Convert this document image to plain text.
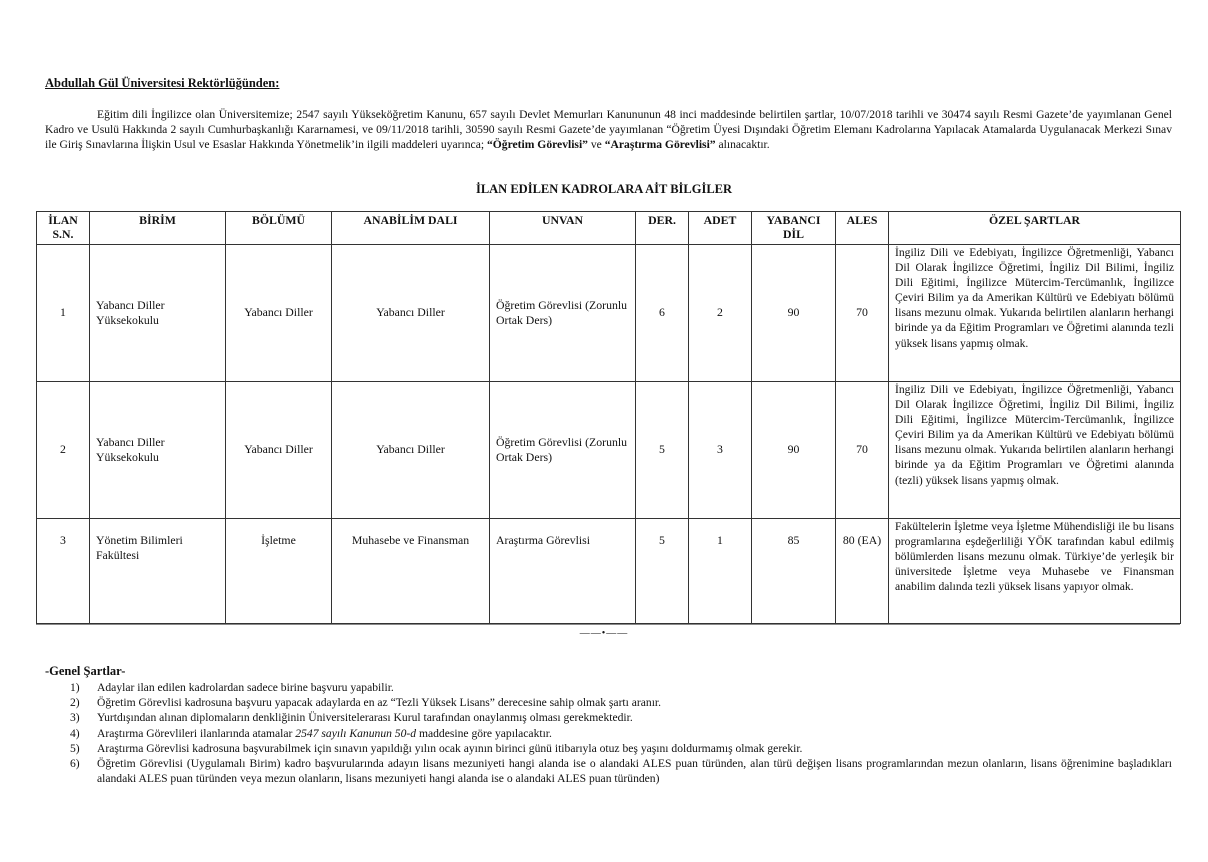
Abdullah Gül Üniversitesi Rektörlüğünden:

Eğitim dili İngilizce olan Üniversitemize; 2547 sayılı Yükseköğretim Kanunu, 657 sayılı Devlet Memurları Kanununun 48 inci maddesinde belirtilen şartlar, 10/07/2018 tarihli ve 30474 sayılı Resmi Gazete’de yayımlanan Genel Kadro ve Usulü Hakkında 2 sayılı Cumhurbaşkanlığı Kararnamesi, ve 09/11/2018 tarihli, 30590 sayılı Resmi Gazete’de yayımlanan “Öğretim Üyesi Dışındaki Öğretim Elemanı Kadrolarına Yapılacak Atamalarda Uygulanacak Merkezi Sınav ile Giriş Sınavlarına İlişkin Usul ve Esaslar Hakkında Yönetmelik’in ilgili maddeleri uyarınca; “Öğretim Görevlisi” ve “Araştırma Görevlisi” alınacaktır.

İLAN EDİLEN KADROLARA AİT BİLGİLER
İLAN S.N.	BİRİM	BÖLÜMÜ	ANABİLİM DALI	UNVAN	DER.	ADET	YABANCI DİL	ALES	ÖZEL ŞARTLAR
1	Yabancı Diller Yüksekokulu	Yabancı Diller	Yabancı Diller	Öğretim Görevlisi (Zorunlu Ortak Ders)	6	2	90	70	İngiliz Dili ve Edebiyatı, İngilizce Öğretmenliği, Yabancı Dil Olarak İngilizce Öğretimi, İngiliz Dil Bilimi, İngiliz Dili Eğitimi, İngilizce Mütercim-Tercümanlık, İngilizce Çeviri Bilim ya da Amerikan Kültürü ve Edebiyatı bölümü lisans mezunu olmak. Yukarıda belirtilen alanların herhangi birinde ya da Eğitim Programları ve Öğretimi alanında tezli yüksek lisans yapmış olmak.
2	Yabancı Diller Yüksekokulu	Yabancı Diller	Yabancı Diller	Öğretim Görevlisi (Zorunlu Ortak Ders)	5	3	90	70	İngiliz Dili ve Edebiyatı, İngilizce Öğretmenliği, Yabancı Dil Olarak İngilizce Öğretimi, İngiliz Dil Bilimi, İngiliz Dili Eğitimi, İngilizce Mütercim-Tercümanlık, İngilizce Çeviri Bilim ya da Amerikan Kültürü ve Edebiyatı bölümü lisans mezunu olmak. Yukarıda belirtilen alanların herhangi birinde ya da Eğitim Programları ve Öğretimi alanında (tezli) yüksek lisans yapmış olmak.
3	Yönetim Bilimleri Fakültesi	İşletme	Muhasebe ve Finansman	Araştırma Görevlisi	5	1	85	80 (EA)	Fakültelerin İşletme veya İşletme Mühendisliği ile bu lisans programlarına eşdeğerliliği YÖK tarafından kabul edilmiş bölümlerden lisans mezunu olmak. Türkiye’de yerleşik bir üniversitede İşletme veya Muhasebe ve Finansman anabilim dalında tezli yüksek lisans yapıyor olmak.
——•——
-Genel Şartlar-
1) Adaylar ilan edilen kadrolardan sadece birine başvuru yapabilir.
2) Öğretim Görevlisi kadrosuna başvuru yapacak adaylarda en az “Tezli Yüksek Lisans” derecesine sahip olmak şartı aranır.
3) Yurtdışından alınan diplomaların denkliğinin Üniversitelerarası Kurul tarafından onaylanmış olması gerekmektedir.
4) Araştırma Görevlileri ilanlarında atamalar 2547 sayılı Kanunun 50-d maddesine göre yapılacaktır.
5) Araştırma Görevlisi kadrosuna başvurabilmek için sınavın yapıldığı yılın ocak ayının birinci günü itibarıyla otuz beş yaşını doldurmamış olmak gerekir.
6) Öğretim Görevlisi (Uygulamalı Birim) kadro başvurularında adayın lisans mezuniyeti hangi alanda ise o alandaki ALES puan türünden, alan türü değişen lisans programlarından mezun olanların, lisans öğrenimine başladıkları alandaki ALES puan türünden veya mezun olanların, lisans mezuniyeti hangi alanda ise o alandaki ALES puan türünden)
